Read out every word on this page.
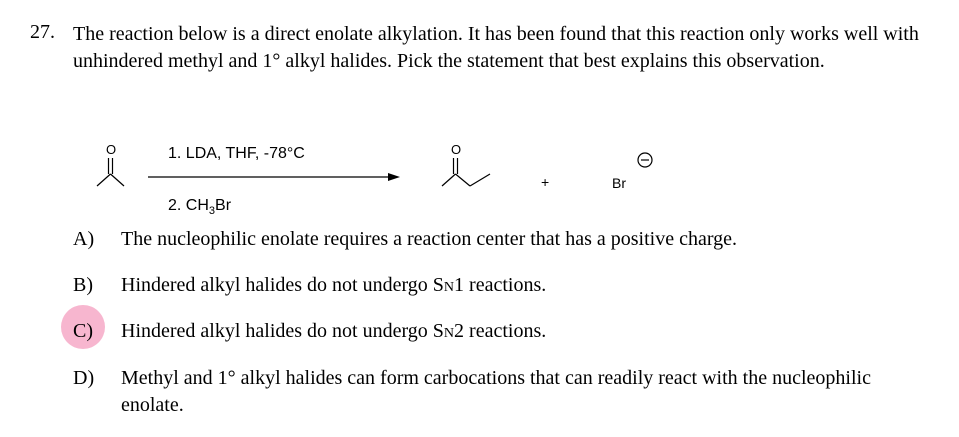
27. The reaction below is a direct enolate alkylation. It has been found that this reaction only works well with unhindered methyl and 1° alkyl halides. Pick the statement that best explains this observation.
O	1. LDA, THF, -78°C
2. $CH_3Br$
O
+	Br
A) The nucleophilic enolate requires a reaction center that has a positive charge.
B) Hindered alkyl halides do not undergo SN1 reactions.
C) Hindered alkyl halides do not undergo SN2 reactions.
D) Methyl and 1° alkyl halides can form carbocations that can readily react with the nucleophilic enolate.
